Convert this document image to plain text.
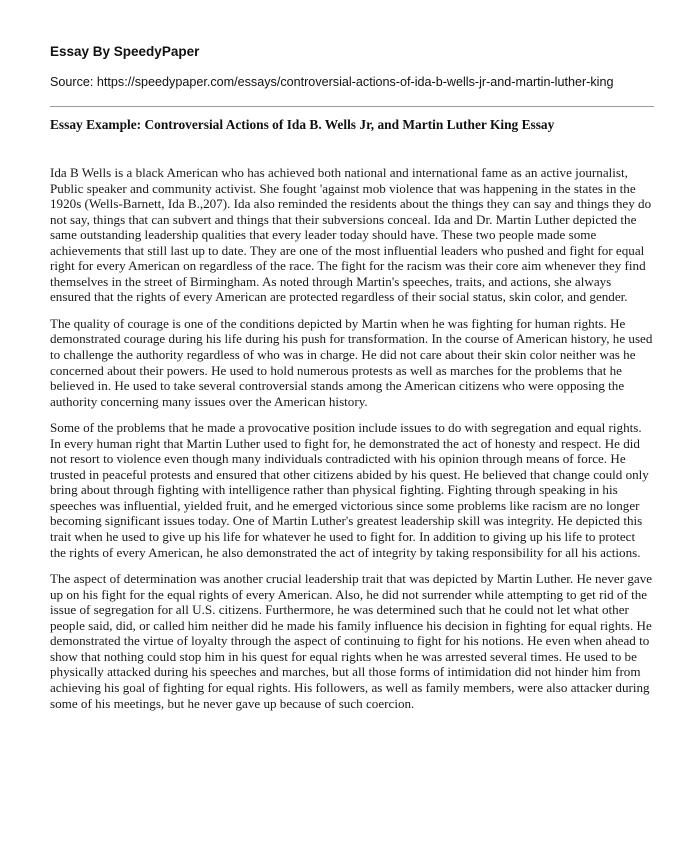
Essay By SpeedyPaper
Source: https://speedypaper.com/essays/controversial-actions-of-ida-b-wells-jr-and-martin-luther-king
Essay Example: Controversial Actions of Ida B. Wells Jr, and Martin Luther King Essay

Ida B Wells is a black American who has achieved both national and international fame as an active journalist, Public speaker and community activist. She fought 'against mob violence that was happening in the states in the 1920s (Wells-Barnett, Ida B.,207). Ida also reminded the residents about the things they can say and things they do not say, things that can subvert and things that their subversions conceal. Ida and Dr. Martin Luther depicted the same outstanding leadership qualities that every leader today should have. These two people made some achievements that still last up to date. They are one of the most influential leaders who pushed and fight for equal right for every American on regardless of the race. The fight for the racism was their core aim whenever they find themselves in the street of Birmingham. As noted through Martin's speeches, traits, and actions, she always ensured that the rights of every American are protected regardless of their social status, skin color, and gender.

The quality of courage is one of the conditions depicted by Martin when he was fighting for human rights. He demonstrated courage during his life during his push for transformation. In the course of American history, he used to challenge the authority regardless of who was in charge. He did not care about their skin color neither was he concerned about their powers. He used to hold numerous protests as well as marches for the problems that he believed in. He used to take several controversial stands among the American citizens who were opposing the authority concerning many issues over the American history.

Some of the problems that he made a provocative position include issues to do with segregation and equal rights. In every human right that Martin Luther used to fight for, he demonstrated the act of honesty and respect. He did not resort to violence even though many individuals contradicted with his opinion through means of force. He trusted in peaceful protests and ensured that other citizens abided by his quest. He believed that change could only bring about through fighting with intelligence rather than physical fighting. Fighting through speaking in his speeches was influential, yielded fruit, and he emerged victorious since some problems like racism are no longer becoming significant issues today. One of Martin Luther's greatest leadership skill was integrity. He depicted this trait when he used to give up his life for whatever he used to fight for. In addition to giving up his life to protect the rights of every American, he also demonstrated the act of integrity by taking responsibility for all his actions.

The aspect of determination was another crucial leadership trait that was depicted by Martin Luther. He never gave up on his fight for the equal rights of every American. Also, he did not surrender while attempting to get rid of the issue of segregation for all U.S. citizens. Furthermore, he was determined such that he could not let what other people said, did, or called him neither did he made his family influence his decision in fighting for equal rights. He demonstrated the virtue of loyalty through the aspect of continuing to fight for his notions. He even when ahead to show that nothing could stop him in his quest for equal rights when he was arrested several times. He used to be physically attacked during his speeches and marches, but all those forms of intimidation did not hinder him from achieving his goal of fighting for equal rights. His followers, as well as family members, were also attacker during some of his meetings, but he never gave up because of such coercion.
